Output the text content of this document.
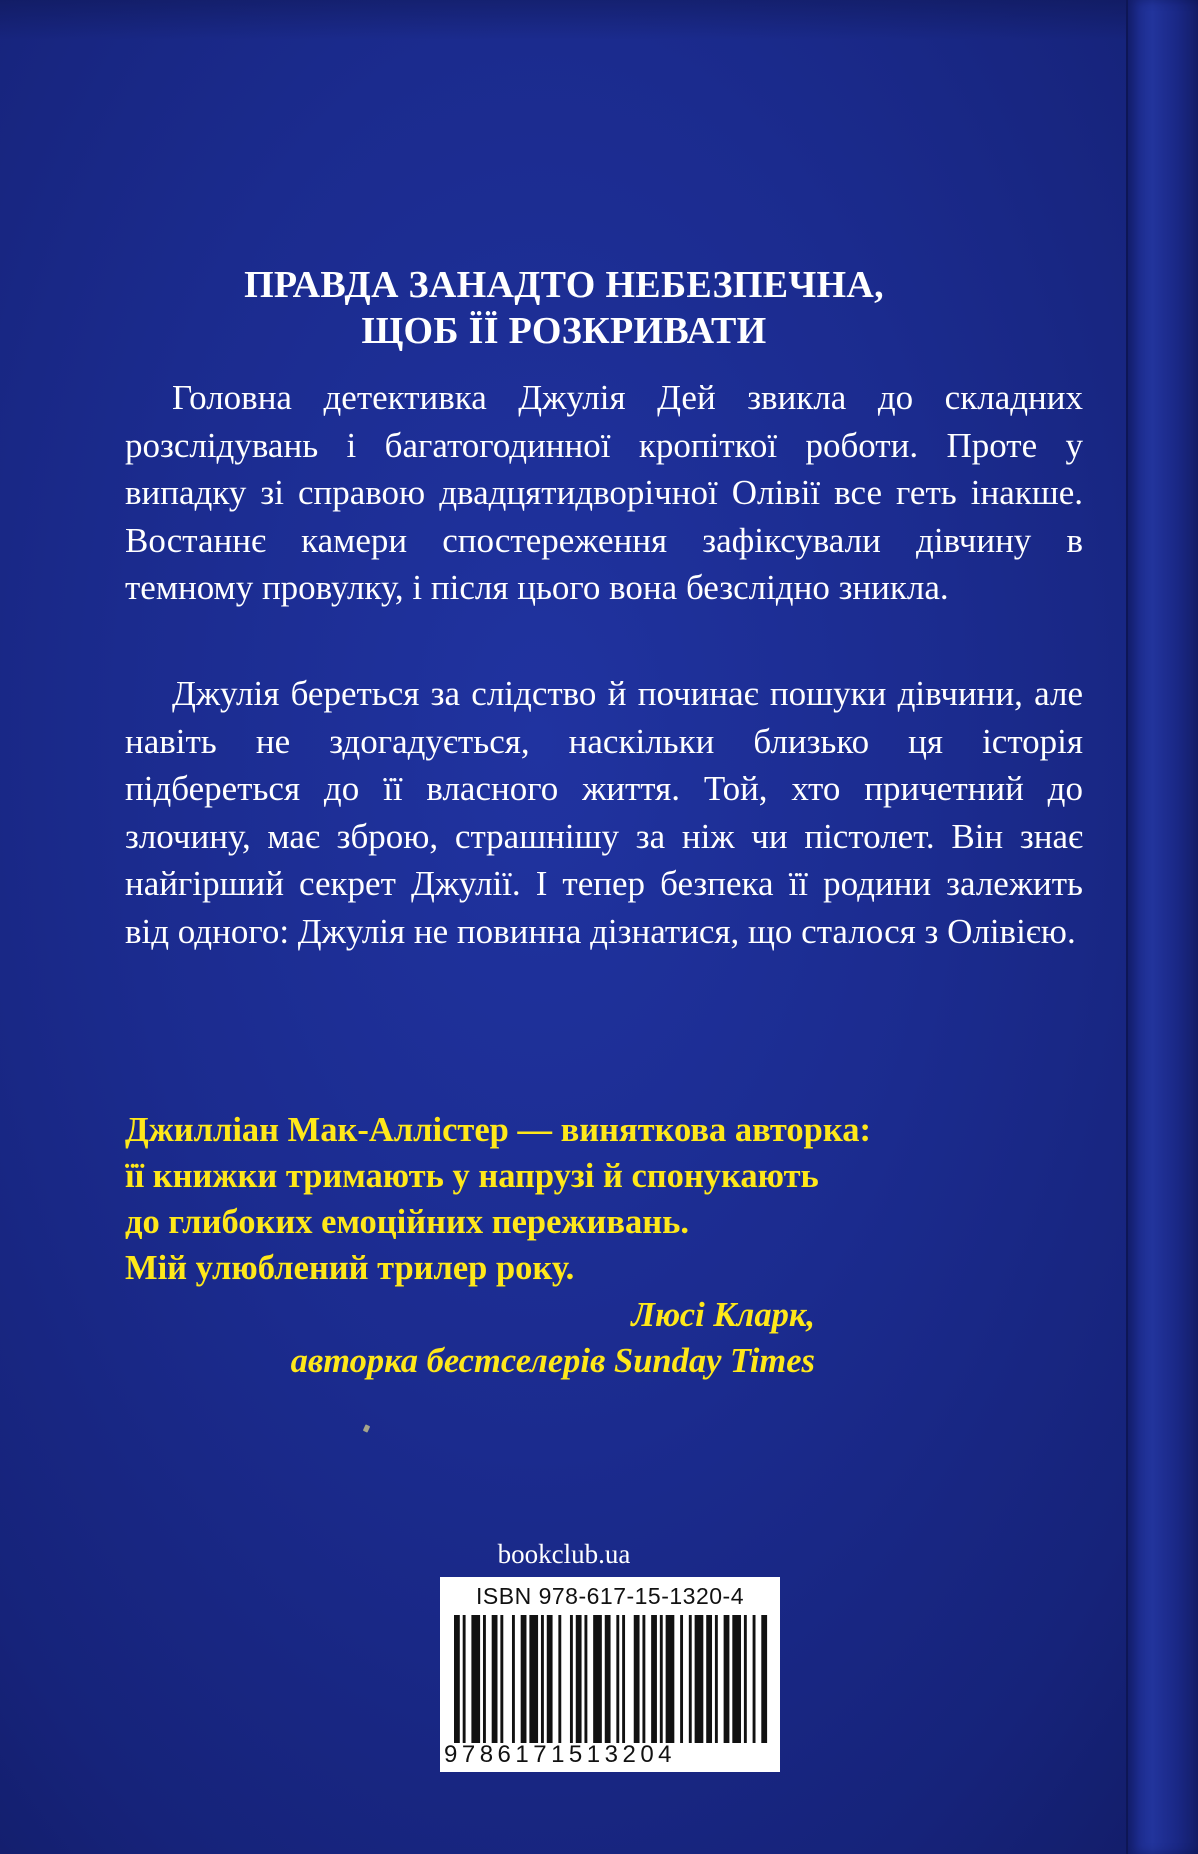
ПРАВДА ЗАНАДТО НЕБЕЗПЕЧНА,
ЩОБ ЇЇ РОЗКРИВАТИ
Головна детективка Джулія Дей звикла до складних розслідувань і багатогодинної кропіткої роботи. Проте у випадку зі справою двадцятидворічної Олівії все геть інакше. Востаннє камери спостереження зафіксували дівчину в темному провулку, і після цього вона безслідно зникла.
Джулія береться за слідство й починає пошуки дівчини, але навіть не здогадується, наскільки близько ця історія підбереться до її власного життя. Той, хто причетний до злочину, має зброю, страшнішу за ніж чи пістолет. Він знає найгірший секрет Джулії. І тепер безпека її родини залежить від одного: Джулія не повинна дізнатися, що сталося з Олівією.
Джилліан Мак-Аллістер — виняткова авторка:
її книжки тримають у напрузі й спонукають
до глибоких емоційних переживань.
Мій улюблений трилер року.
Люсі Кларк,
авторка бестселерів Sunday Times
bookclub.ua
ISBN 978-617-15-1320-4
9786171513204
